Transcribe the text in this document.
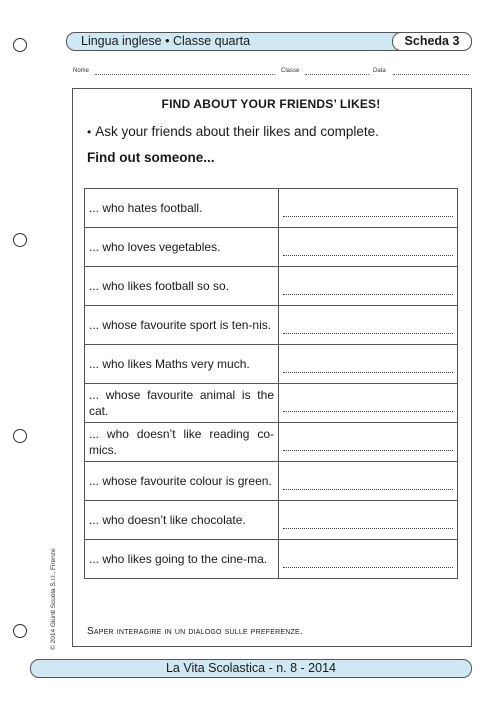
Lingua inglese • Classe quarta	Scheda 3
Nome	Classe	Data
FIND ABOUT YOUR FRIENDS’ LIKES!
• Ask your friends about their likes and complete.
Find out someone...
... who hates football.	

... who loves vegetables.	

... who likes football so so.	

... whose favourite sport is ten-nis.	

... who likes Maths very much.	

... whose favourite animal is the cat.	

... who doesn’t like reading co-mics.	

... whose favourite colour is green.	

... who doesn’t like chocolate.	

... who likes going to the cine-ma.	
Saper interagire in un dialogo sulle preferenze.
© 2014 Giunti Scuola S.r.l., Firenze
La Vita Scolastica - n. 8 - 2014
